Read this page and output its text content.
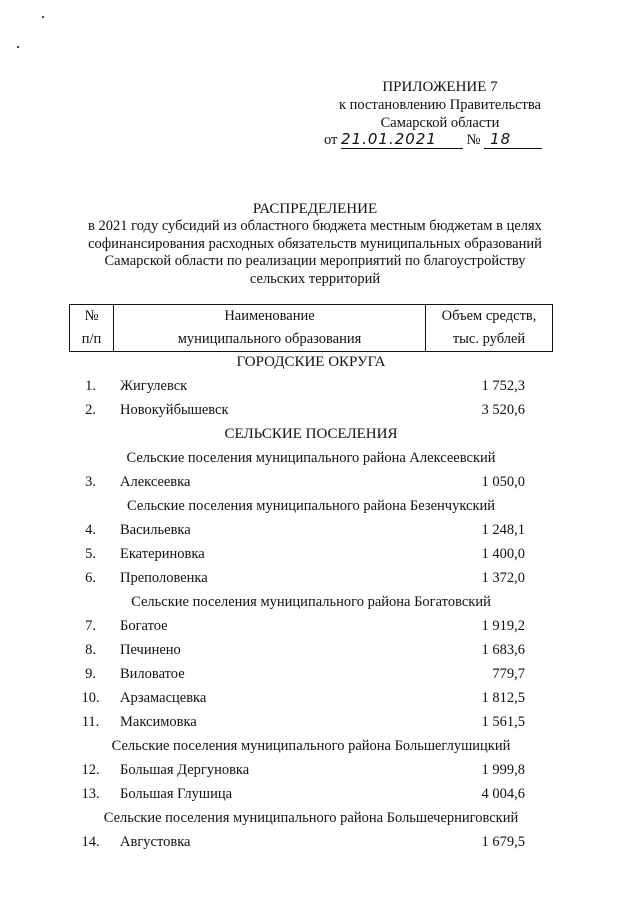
ПРИЛОЖЕНИЕ 7
к постановлению Правительства
Самарской области
от 21.01.2021 № 18
РАСПРЕДЕЛЕНИЕ
в 2021 году субсидий из областного бюджета местным бюджетам в целях
софинансирования расходных обязательств муниципальных образований
Самарской области по реализации мероприятий по благоустройству
сельских территорий
№	Наименование	Объем средств,
п/п	муниципального образования	тыс. рублей
ГОРОДСКИЕ ОКРУГА
1.	Жигулевск	1 752,3
2.	Новокуйбышевск	3 520,6
СЕЛЬСКИЕ ПОСЕЛЕНИЯ
Сельские поселения муниципального района Алексеевский
3.	Алексеевка	1 050,0
Сельские поселения муниципального района Безенчукский
4.	Васильевка	1 248,1
5.	Екатериновка	1 400,0
6.	Преполовенка	1 372,0
Сельские поселения муниципального района Богатовский
7.	Богатое	1 919,2
8.	Печинено	1 683,6
9.	Виловатое	779,7
10.	Арзамасцевка	1 812,5
11.	Максимовка	1 561,5
Сельские поселения муниципального района Большеглушицкий
12.	Большая Дергуновка	1 999,8
13.	Большая Глушица	4 004,6
Сельские поселения муниципального района Большечерниговский
14.	Августовка	1 679,5
